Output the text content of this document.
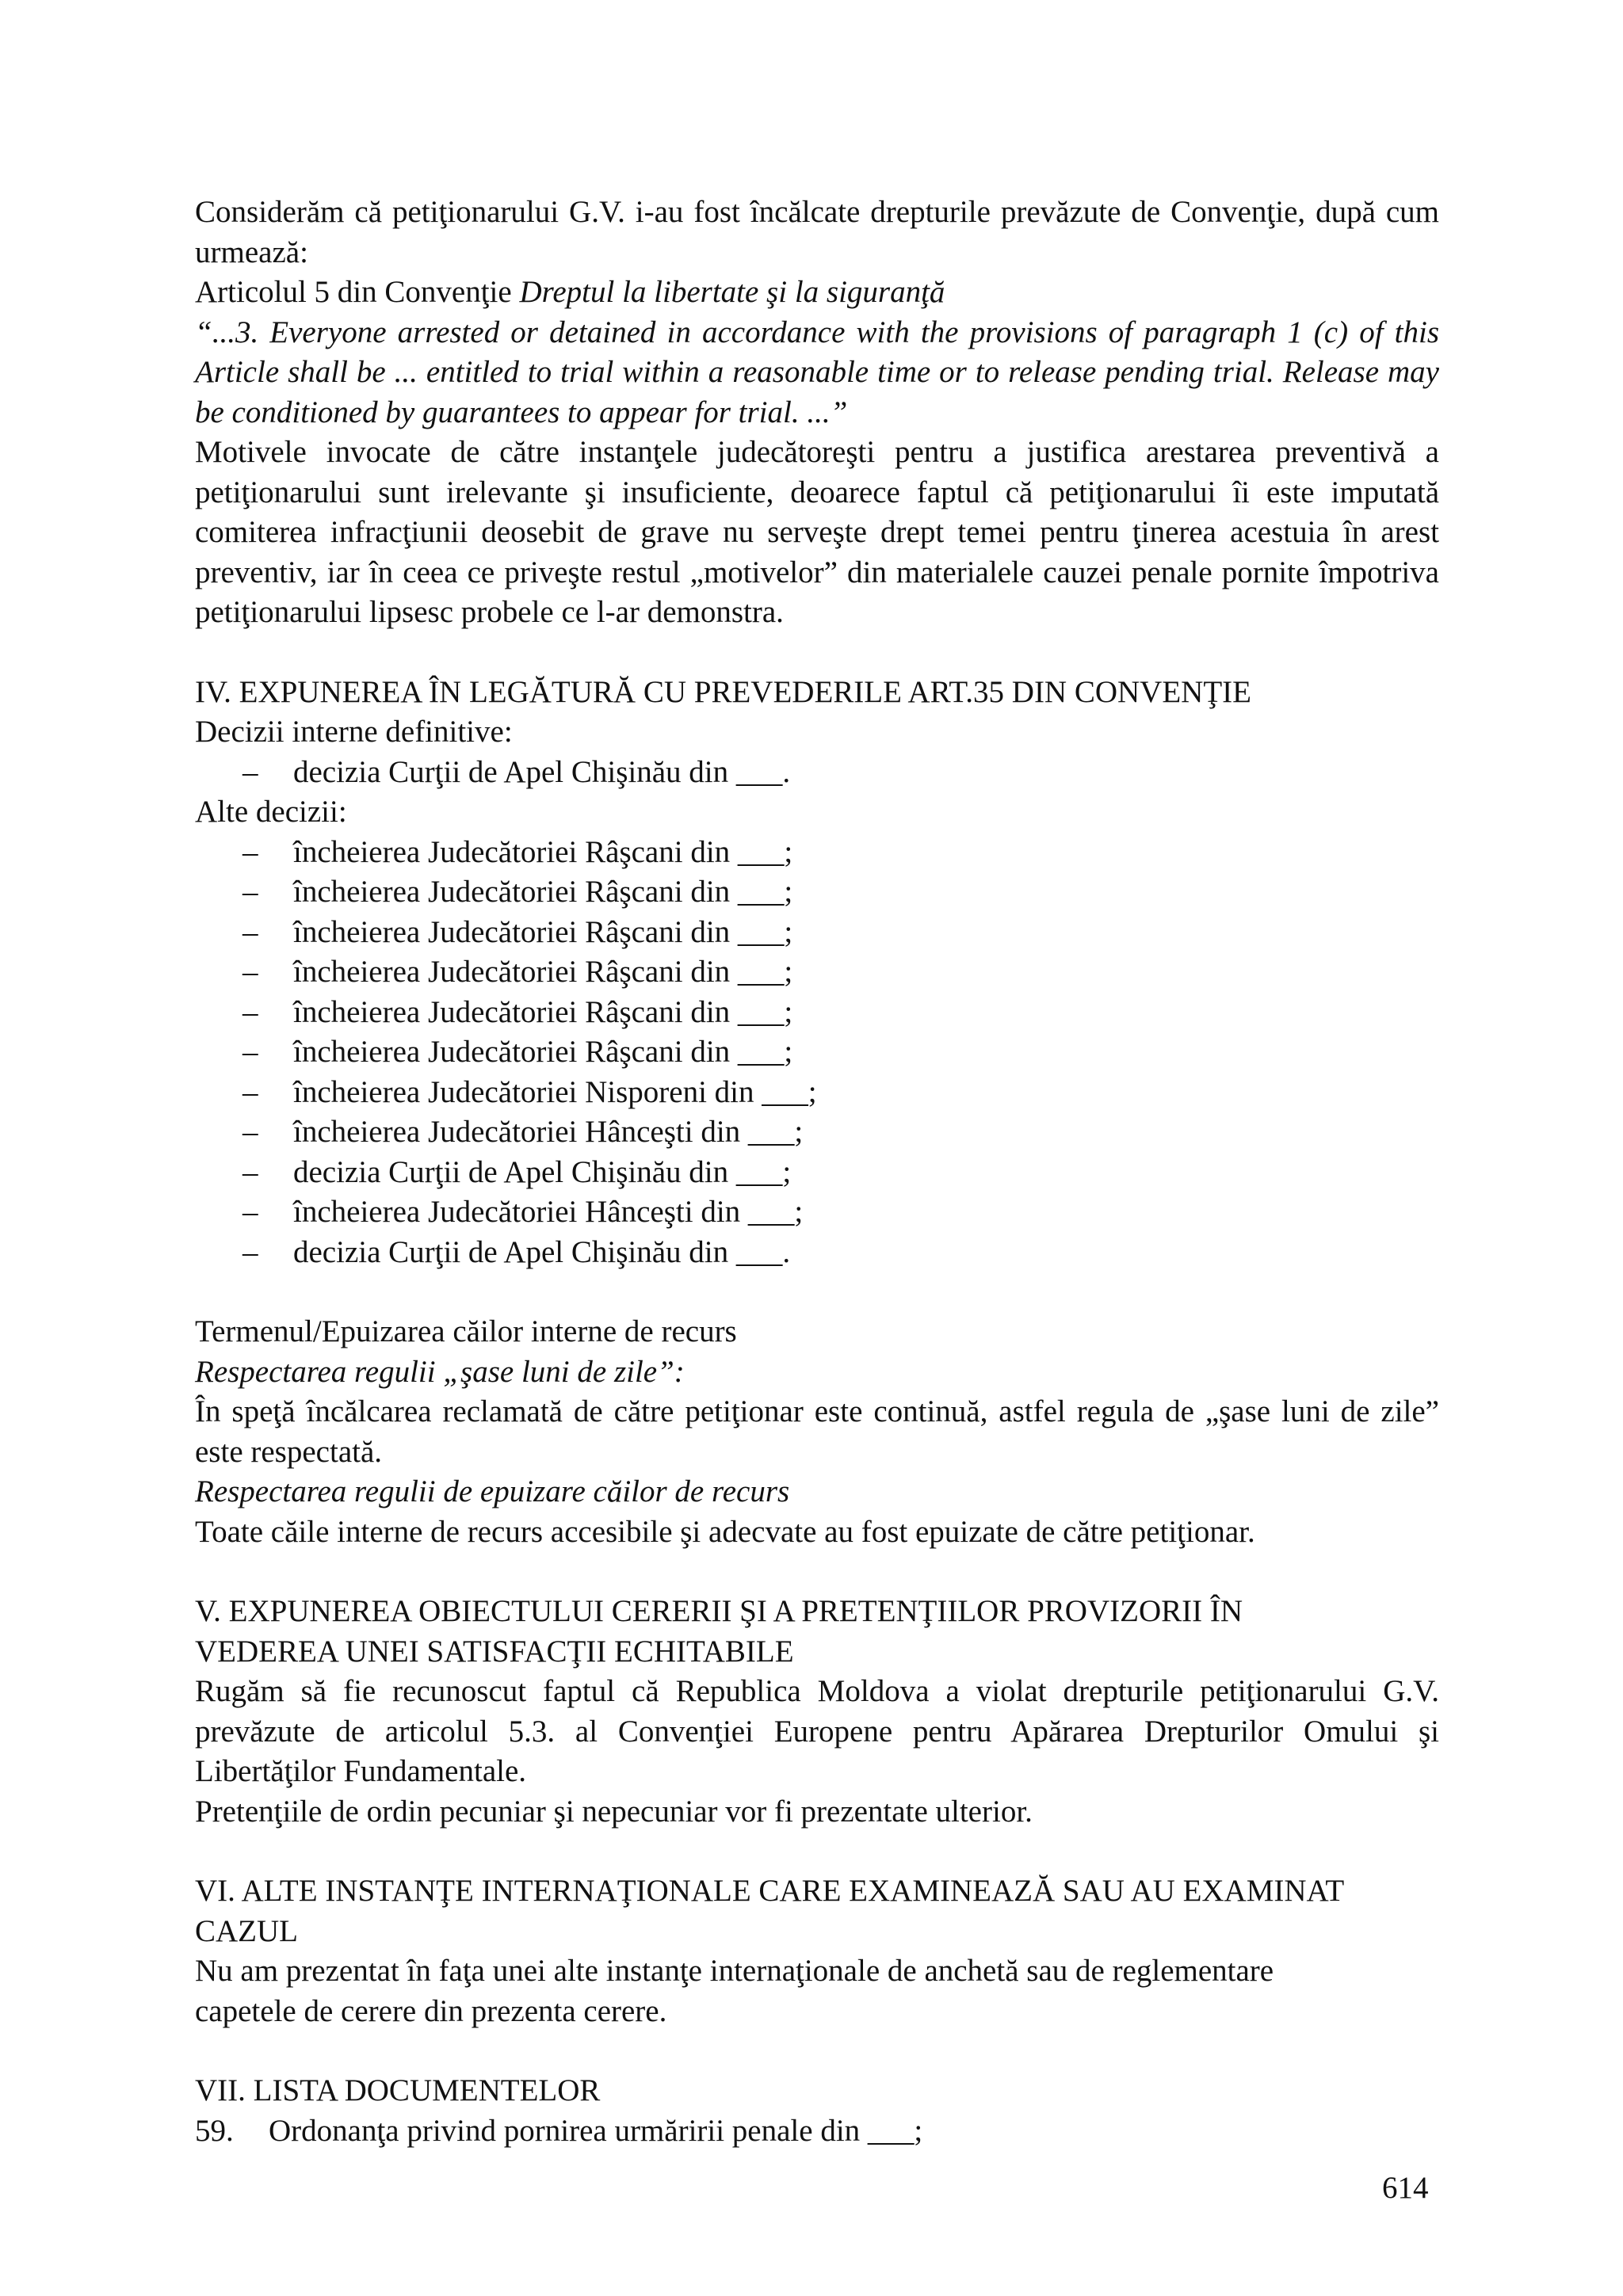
Considerăm că petiţionarului G.V. i-au fost încălcate drepturile prevăzute de Convenţie, după cum urmează:

Articolul 5 din Convenţie Dreptul la libertate şi la siguranţă

“...3. Everyone arrested or detained in accordance with the provisions of paragraph 1 (c) of this Article shall be ... entitled to trial within a reasonable time or to release pending trial. Release may be conditioned by guarantees to appear for trial. ...”

Motivele invocate de către instanţele judecătoreşti pentru a justifica arestarea preventivă a petiţionarului sunt irelevante şi insuficiente, deoarece faptul că petiţionarului îi este imputată comiterea infracţiunii deosebit de grave nu serveşte drept temei pentru ţinerea acestuia în arest preventiv, iar în ceea ce priveşte restul „motivelor” din materialele cauzei penale pornite împotriva petiţionarului lipsesc probele ce l-ar demonstra.

IV. EXPUNEREA ÎN LEGĂTURĂ CU PREVEDERILE ART.35 DIN CONVENŢIE

Decizii interne definitive:

– decizia Curţii de Apel Chişinău din ___.

Alte decizii:

– încheierea Judecătoriei Râşcani din ___;
– încheierea Judecătoriei Râşcani din ___;
– încheierea Judecătoriei Râşcani din ___;
– încheierea Judecătoriei Râşcani din ___;
– încheierea Judecătoriei Râşcani din ___;
– încheierea Judecătoriei Râşcani din ___;
– încheierea Judecătoriei Nisporeni din ___;
– încheierea Judecătoriei Hânceşti din ___;
– decizia Curţii de Apel Chişinău din ___;
– încheierea Judecătoriei Hânceşti din ___;
– decizia Curţii de Apel Chişinău din ___.

Termenul/Epuizarea căilor interne de recurs

Respectarea regulii „şase luni de zile”:

În speţă încălcarea reclamată de către petiţionar este continuă, astfel regula de „şase luni de zile” este respectată.

Respectarea regulii de epuizare căilor de recurs

Toate căile interne de recurs accesibile şi adecvate au fost epuizate de către petiţionar.

V. EXPUNEREA OBIECTULUI CERERII ŞI A PRETENŢIILOR PROVIZORII ÎN

VEDEREA UNEI SATISFACŢII ECHITABILE

Rugăm să fie recunoscut faptul că Republica Moldova a violat drepturile petiţionarului G.V. prevăzute de articolul 5.3. al Convenţiei Europene pentru Apărarea Drepturilor Omului şi Libertăţilor Fundamentale.

Pretenţiile de ordin pecuniar şi nepecuniar vor fi prezentate ulterior.

VI. ALTE INSTANŢE INTERNAŢIONALE CARE EXAMINEAZĂ SAU AU EXAMINAT

CAZUL

Nu am prezentat în faţa unei alte instanţe internaţionale de anchetă sau de reglementare

capetele de cerere din prezenta cerere.

VII. LISTA DOCUMENTELOR

59.	Ordonanţa privind pornirea urmăririi penale din ___;
614
